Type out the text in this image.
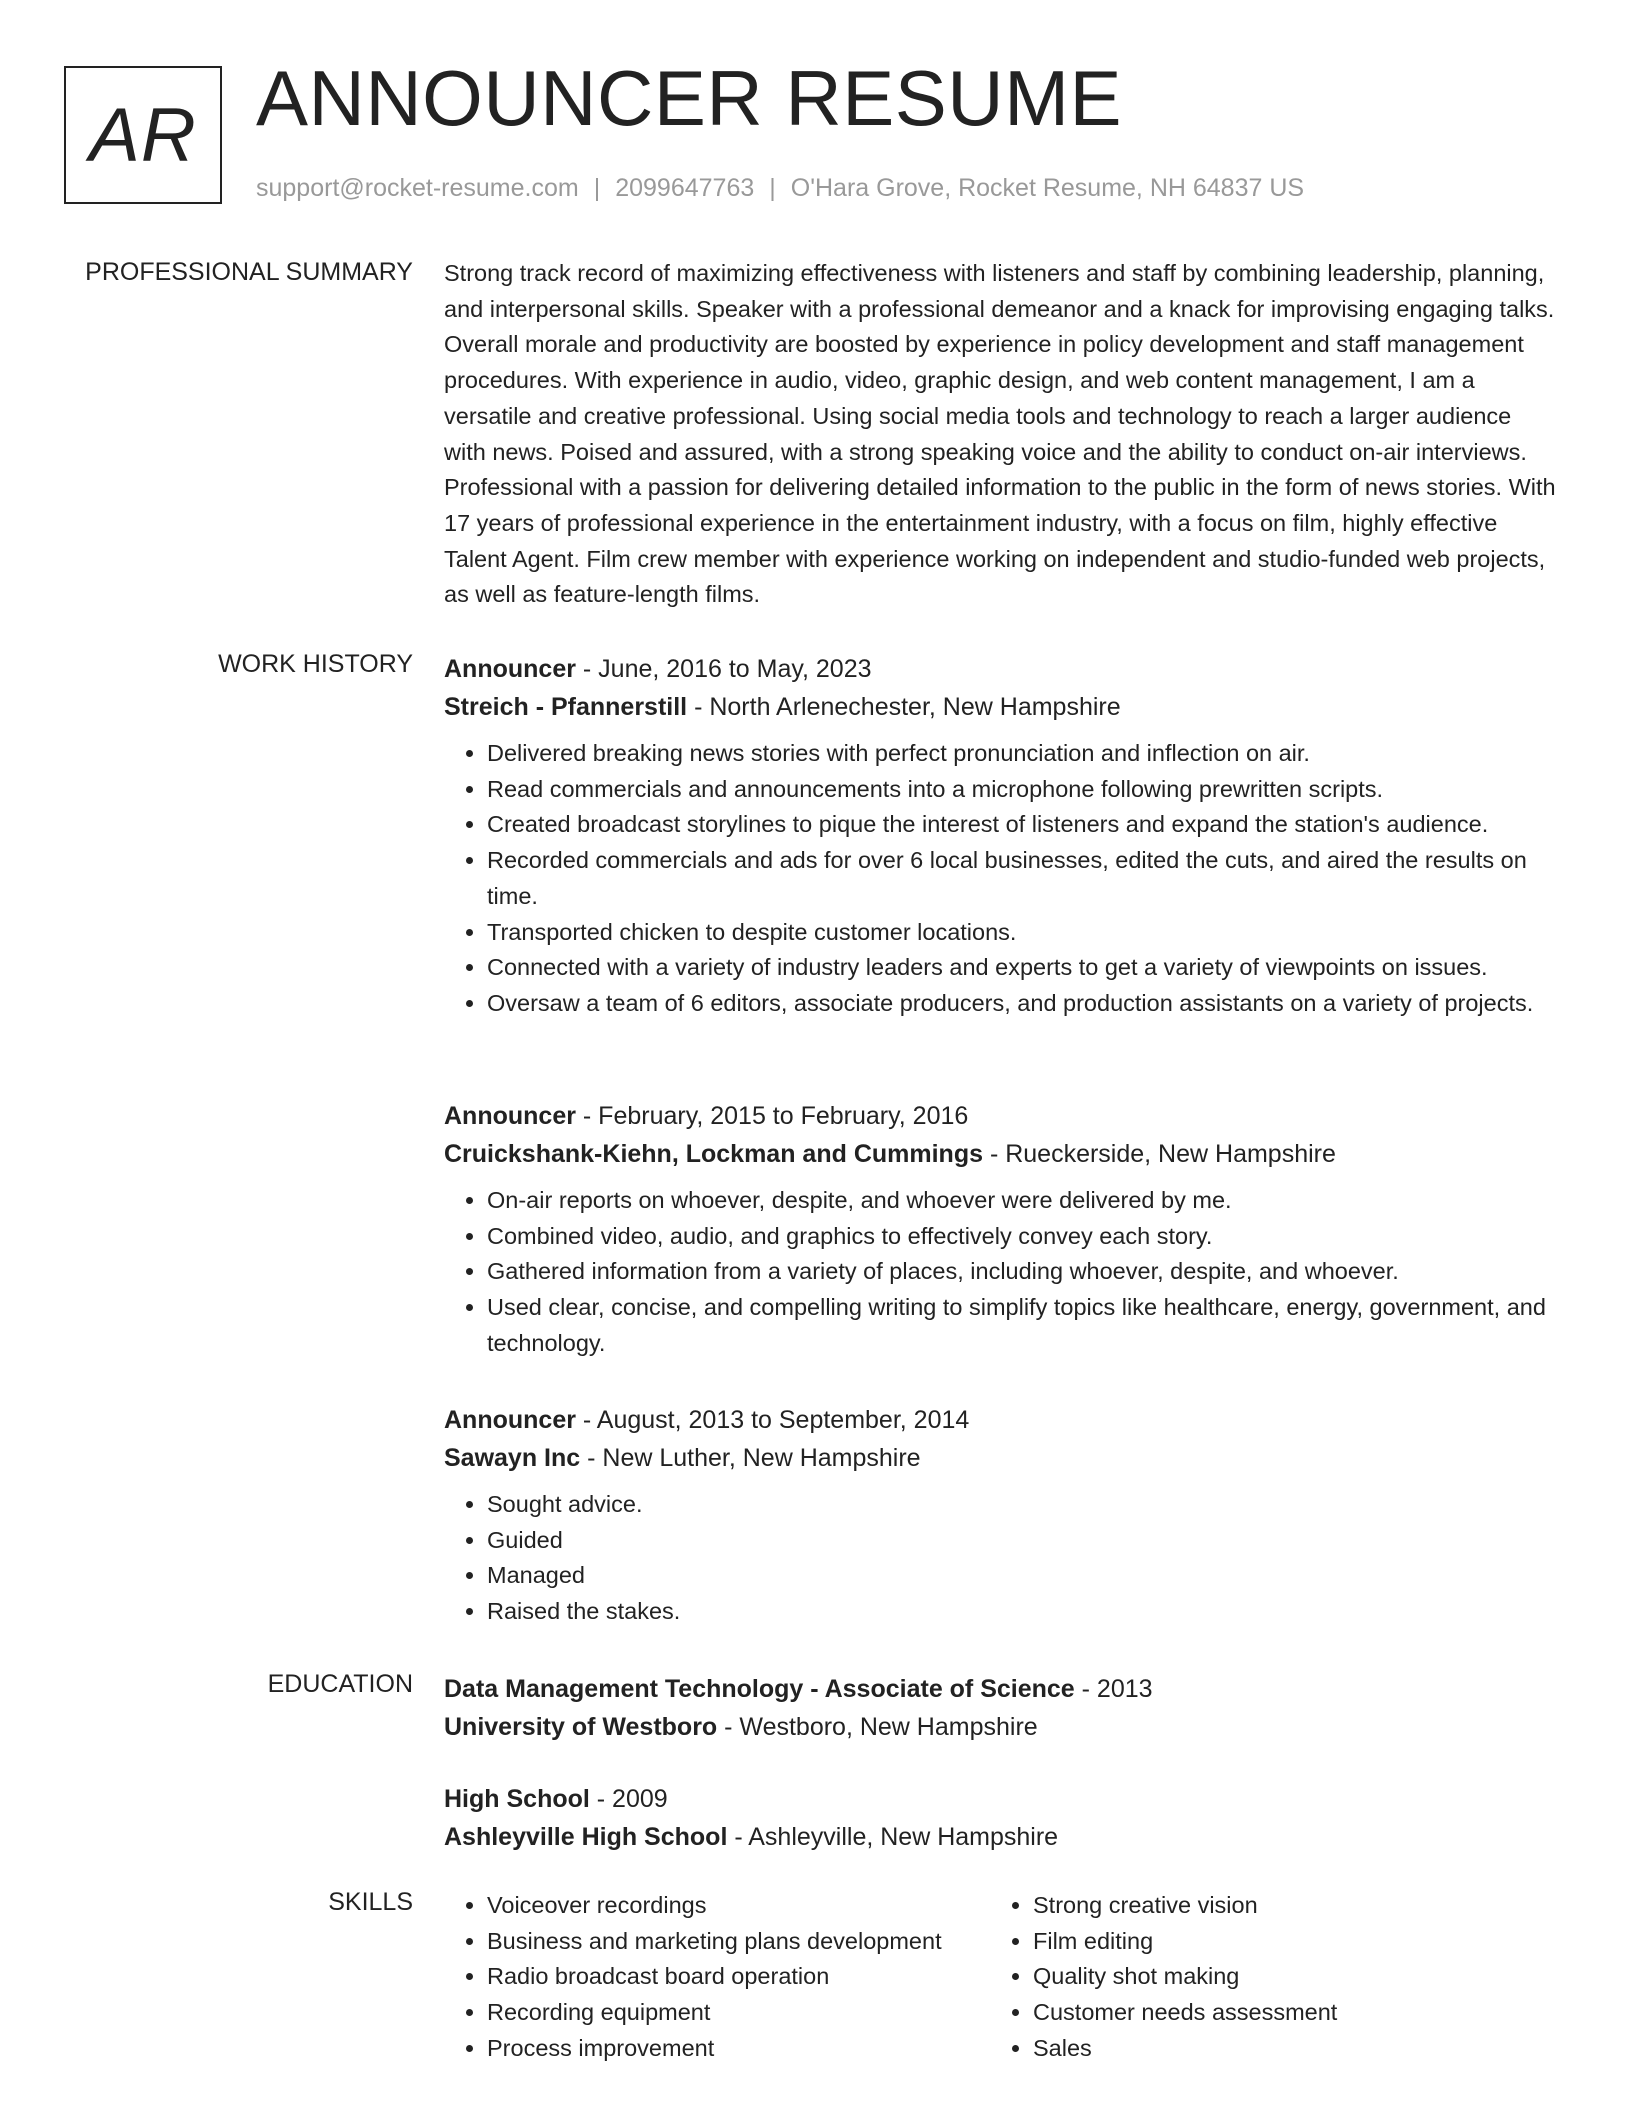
AR ANNOUNCER RESUME
support@rocket-resume.com | 2099647763 | O'Hara Grove, Rocket Resume, NH 64837 US
PROFESSIONAL SUMMARY Strong track record of maximizing effectiveness with listeners and staff by combining leadership, planning, and interpersonal skills. Speaker with a professional demeanor and a knack for improvising engaging talks. Overall morale and productivity are boosted by experience in policy development and staff management procedures. With experience in audio, video, graphic design, and web content management, I am a versatile and creative professional. Using social media tools and technology to reach a larger audience with news. Poised and assured, with a strong speaking voice and the ability to conduct on-air interviews. Professional with a passion for delivering detailed information to the public in the form of news stories. With 17 years of professional experience in the entertainment industry, with a focus on film, highly effective Talent Agent. Film crew member with experience working on independent and studio-funded web projects, as well as feature-length films.

WORK HISTORY Announcer - June, 2016 to May, 2023
Streich - Pfannerstill - North Arlenechester, New Hampshire
• Delivered breaking news stories with perfect pronunciation and inflection on air.
• Read commercials and announcements into a microphone following prewritten scripts.
• Created broadcast storylines to pique the interest of listeners and expand the station's audience.
• Recorded commercials and ads for over 6 local businesses, edited the cuts, and aired the results on time.
• Transported chicken to despite customer locations.
• Connected with a variety of industry leaders and experts to get a variety of viewpoints on issues.
• Oversaw a team of 6 editors, associate producers, and production assistants on a variety of projects.
Announcer - February, 2015 to February, 2016
Cruickshank-Kiehn, Lockman and Cummings - Rueckerside, New Hampshire
• On-air reports on whoever, despite, and whoever were delivered by me.
• Combined video, audio, and graphics to effectively convey each story.
• Gathered information from a variety of places, including whoever, despite, and whoever.
• Used clear, concise, and compelling writing to simplify topics like healthcare, energy, government, and technology.
Announcer - August, 2013 to September, 2014
Sawayn Inc - New Luther, New Hampshire
• Sought advice.
• Guided
• Managed
• Raised the stakes.
EDUCATION Data Management Technology - Associate of Science - 2013
University of Westboro - Westboro, New Hampshire
High School - 2009
Ashleyville High School - Ashleyville, New Hampshire
SKILLS
•	Voiceover recordings
• Business and marketing plans development
• Radio broadcast board operation
• Recording equipment
• Process improvement
• Strong creative vision
• Film editing
• Quality shot making
• Customer needs assessment
• Sales
